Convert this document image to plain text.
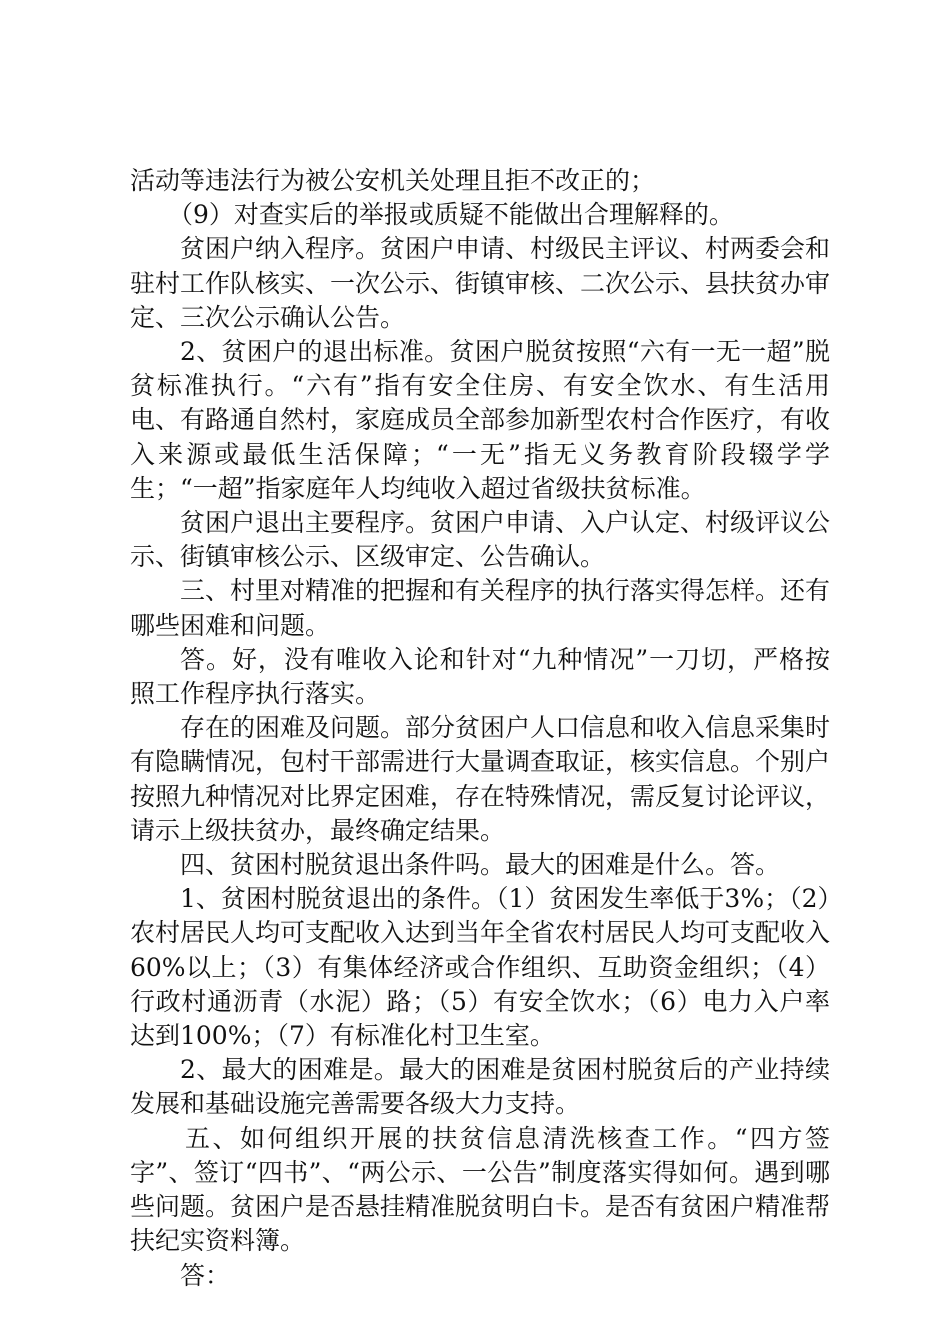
活动等违法行为被公安机关处理且拒不改正的；

（9）对查实后的举报或质疑不能做出合理解释的。

贫困户纳入程序。贫困户申请、村级民主评议、村两委会和驻村工作队核实、一次公示、街镇审核、二次公示、县扶贫办审定、三次公示确认公告。

2、贫困户的退出标准。贫困户脱贫按照“六有一无一超”脱贫标准执行。“六有”指有安全住房、有安全饮水、有生活用电、有路通自然村，家庭成员全部参加新型农村合作医疗，有收入来源或最低生活保障；“一无”指无义务教育阶段辍学学生；“一超”指家庭年人均纯收入超过省级扶贫标准。

贫困户退出主要程序。贫困户申请、入户认定、村级评议公示、街镇审核公示、区级审定、公告确认。

三、村里对精准的把握和有关程序的执行落实得怎样。还有哪些困难和问题。

答。好，没有唯收入论和针对“九种情况”一刀切，严格按照工作程序执行落实。

存在的困难及问题。部分贫困户人口信息和收入信息采集时有隐瞒情况，包村干部需进行大量调查取证，核实信息。个别户按照九种情况对比界定困难，存在特殊情况，需反复讨论评议，请示上级扶贫办，最终确定结果。

四、贫困村脱贫退出条件吗。最大的困难是什么。答。

1、贫困村脱贫退出的条件。（1）贫困发生率低于3%；（2）农村居民人均可支配收入达到当年全省农村居民人均可支配收入60%以上；（3）有集体经济或合作组织、互助资金组织；（4）行政村通沥青（水泥）路；（5）有安全饮水；（6）电力入户率达到100%；（7）有标准化村卫生室。

2、最大的困难是。最大的困难是贫困村脱贫后的产业持续发展和基础设施完善需要各级大力支持。

五、如何组织开展的扶贫信息清洗核查工作。“四方签字”、签订“四书”、“两公示、一公告”制度落实得如何。遇到哪些问题。贫困户是否悬挂精准脱贫明白卡。是否有贫困户精准帮扶纪实资料簿。

答：
